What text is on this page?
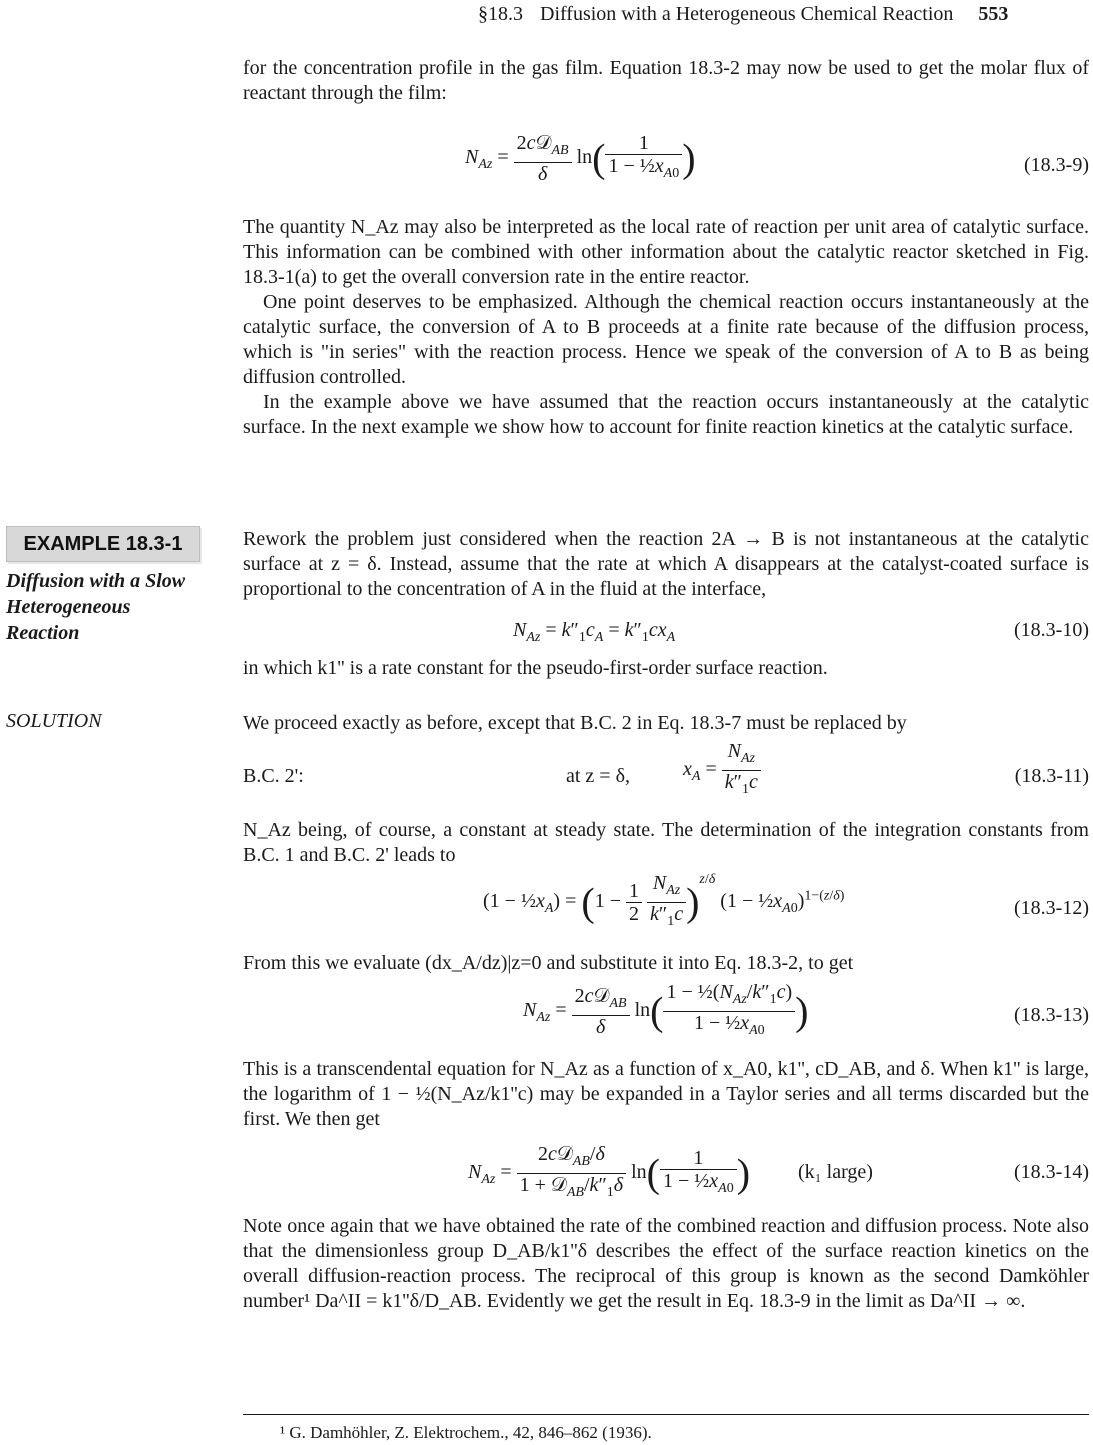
§18.3 Diffusion with a Heterogeneous Chemical Reaction 553

for the concentration profile in the gas film. Equation 18.3-2 may now be used to get the molar flux of reactant through the film:

$N_{Az} = \frac{2c𝒟_{AB}}{\delta} \ln( \frac{1}{1 - \frac{1}{2}x_{A0}}$ )	(18.3-9)

The quantity N_Az may also be interpreted as the local rate of reaction per unit area of catalytic surface. This information can be combined with other information about the catalytic reactor sketched in Fig. 18.3-1(a) to get the overall conversion rate in the entire reactor.

One point deserves to be emphasized. Although the chemical reaction occurs instantaneously at the catalytic surface, the conversion of A to B proceeds at a finite rate because of the diffusion process, which is "in series" with the reaction process. Hence we speak of the conversion of A to B as being diffusion controlled.

In the example above we have assumed that the reaction occurs instantaneously at the catalytic surface. In the next example we show how to account for finite reaction kinetics at the catalytic surface.

EXAMPLE 18.3-1
Diffusion with a Slow
Heterogeneous
Reaction

Rework the problem just considered when the reaction 2A → B is not instantaneous at the catalytic surface at z = δ. Instead, assume that the rate at which A disappears at the catalyst-coated surface is proportional to the concentration of A in the fluid at the interface,

$N_{Az} = k''_1c_A = k''_1cx_A$	(18.3-10)

in which k1'' is a rate constant for the pseudo-first-order surface reaction.

SOLUTION	We proceed exactly as before, except that B.C. 2 in Eq. 18.3-7 must be replaced by

B.C. 2':	at z = δ,	$x_A = \frac{N_{Az}}{k''_1c}$	(18.3-11)

N_Az being, of course, a constant at steady state. The determination of the integration constants from B.C. 1 and B.C. 2' leads to

$(1 - \frac{1}{2}x_A) = (1 - \frac{1}{2}$
$\frac{N_{Az}}{k''_1c} )^{z/\delta}$ $(1 - \frac{1}{2}x_{A0})^{1-(z/\delta)}$
(18.3-12)

From this we evaluate (dx_A/dz)|z=0 and substitute it into Eq. 18.3-2, to get

$N_{Az} = \frac{2c𝒟_{AB}}{\delta} \ln( \frac{1 - \frac{1}{2}(N_{Az}/k''_1c)}{1 - \frac{1}{2}x_{A0}}$ )	(18.3-13)

This is a transcendental equation for N_Az as a function of x_A0, k1'', cD_AB, and δ. When k1'' is large, the logarithm of 1 − ½(N_Az/k1''c) may be expanded in a Taylor series and all terms discarded but the first. We then get

$N_{Az} = \frac{2c𝒟_{AB}/\delta}{1 + 𝒟_{AB}/k''_1\delta} \ln( \frac{1}{1 - \frac{1}{2}x_{A0}}$ ) (k₁ large)	(18.3-14)

Note once again that we have obtained the rate of the combined reaction and diffusion process. Note also that the dimensionless group D_AB/k1''δ describes the effect of the surface reaction kinetics on the overall diffusion-reaction process. The reciprocal of this group is known as the second Damköhler number¹ Da^II = k1''δ/D_AB. Evidently we get the result in Eq. 18.3-9 in the limit as Da^II → ∞.

¹ G. Damhöhler, Z. Elektrochem., 42, 846–862 (1936).
